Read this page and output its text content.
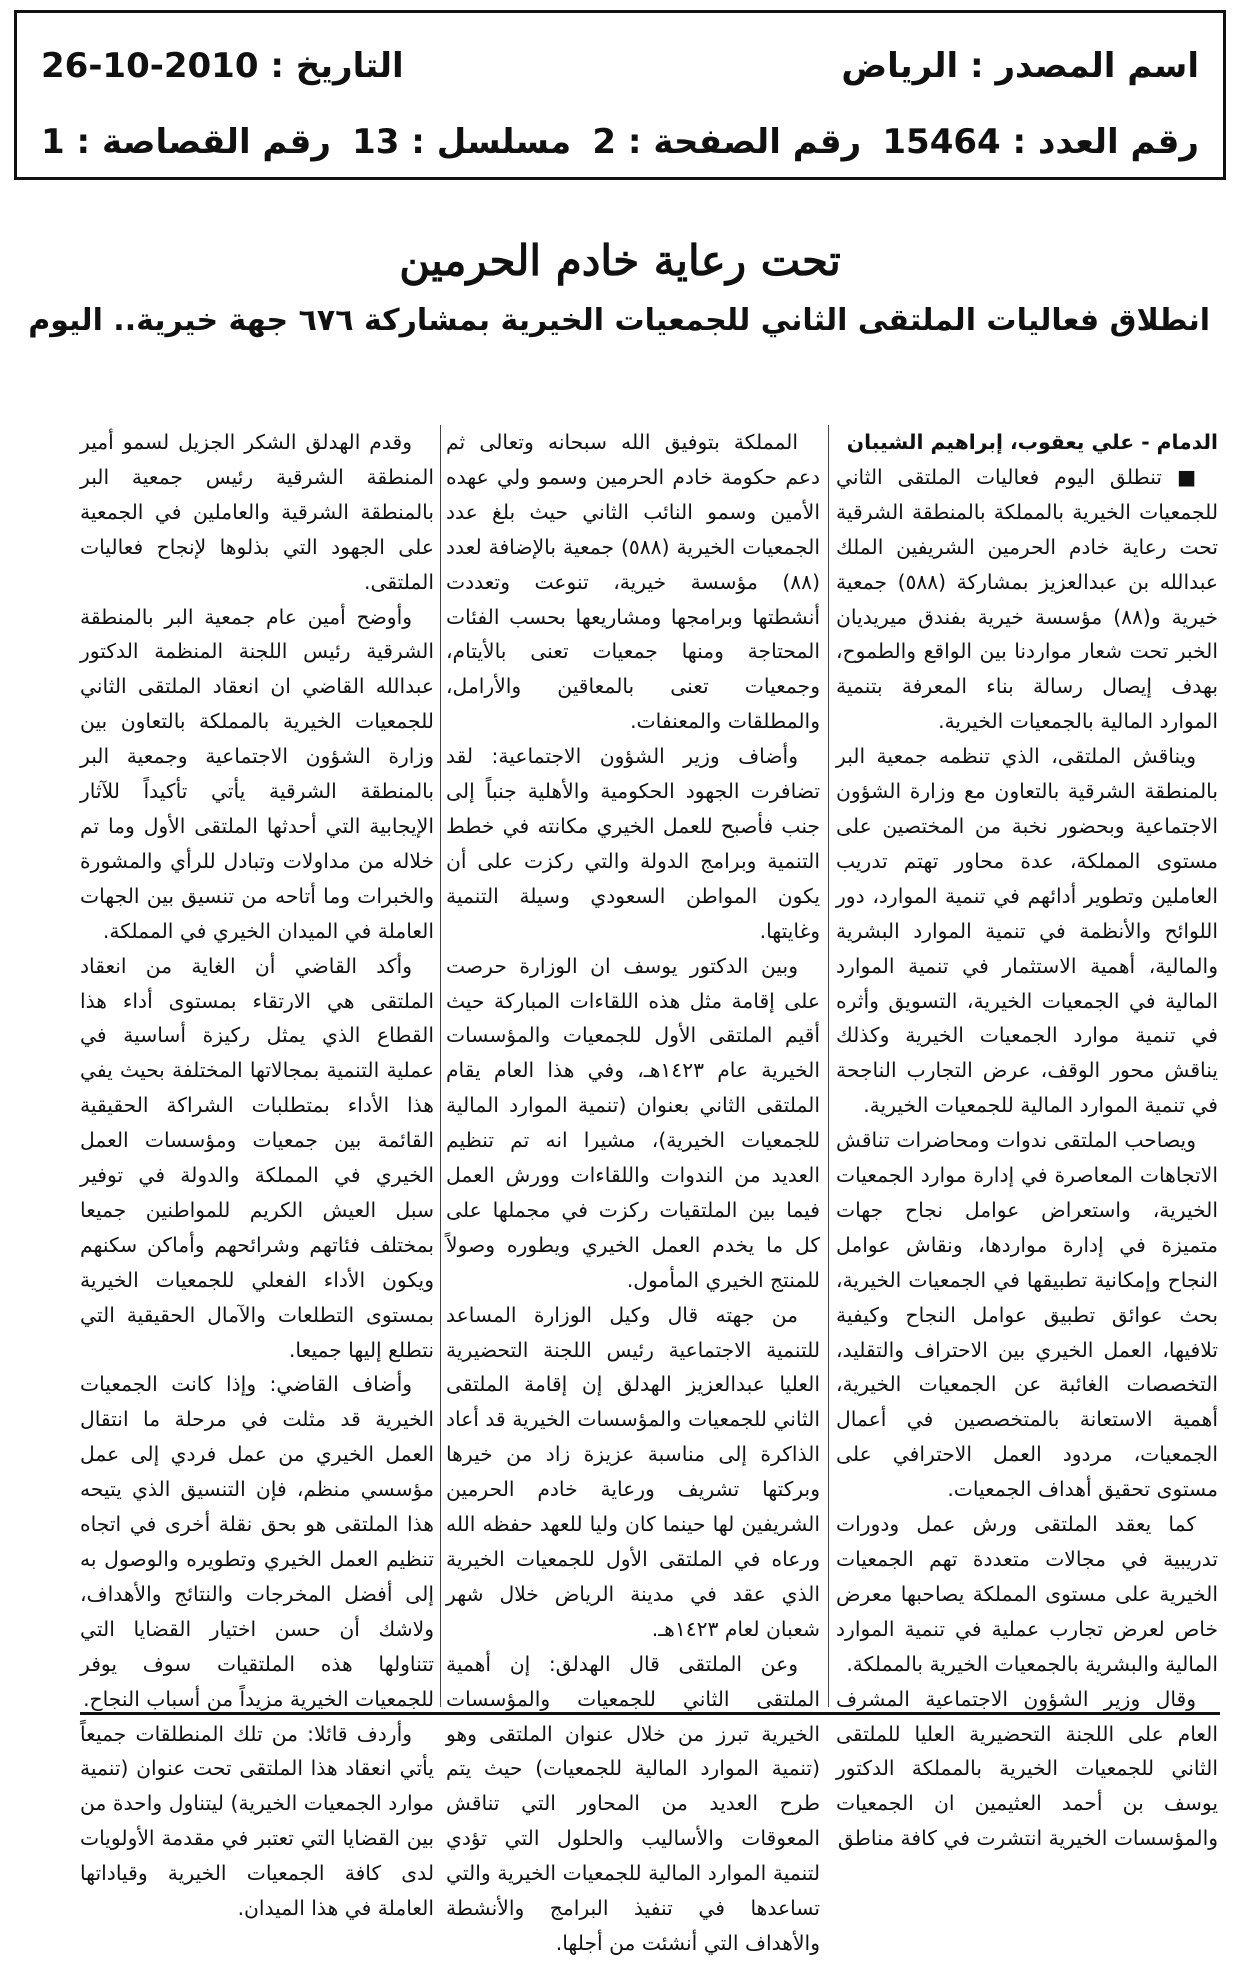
اسم المصدر : الرياض
التاريخ : 26-10-2010
رقم العدد : 15464
رقم الصفحة : 2
مسلسل : 13
رقم القصاصة : 1
تحت رعاية خادم الحرمين
انطلاق فعاليات الملتقى الثاني للجمعيات الخيرية بمشاركة ٦٧٦ جهة خيرية.. اليوم

الدمام - علي يعقوب، إبراهيم الشيبان

■ تنطلق اليوم فعاليات الملتقى الثاني للجمعيات الخيرية بالمملكة بالمنطقة الشرقية تحت رعاية خادم الحرمين الشريفين الملك عبدالله بن عبدالعزيز بمشاركة (٥٨٨) جمعية خيرية و(٨٨) مؤسسة خيرية بفندق ميريديان الخبر تحت شعار مواردنا بين الواقع والطموح، بهدف إيصال رسالة بناء المعرفة بتنمية الموارد المالية بالجمعيات الخيرية.

ويناقش الملتقى، الذي تنظمه جمعية البر بالمنطقة الشرقية بالتعاون مع وزارة الشؤون الاجتماعية وبحضور نخبة من المختصين على مستوى المملكة، عدة محاور تهتم تدريب العاملين وتطوير أدائهم في تنمية الموارد، دور اللوائح والأنظمة في تنمية الموارد البشرية والمالية، أهمية الاستثمار في تنمية الموارد المالية في الجمعيات الخيرية، التسويق وأثره في تنمية موارد الجمعيات الخيرية وكذلك يناقش محور الوقف، عرض التجارب الناجحة في تنمية الموارد المالية للجمعيات الخيرية.

ويصاحب الملتقى ندوات ومحاضرات تناقش الاتجاهات المعاصرة في إدارة موارد الجمعيات الخيرية، واستعراض عوامل نجاح جهات متميزة في إدارة مواردها، ونقاش عوامل النجاح وإمكانية تطبيقها في الجمعيات الخيرية، بحث عوائق تطبيق عوامل النجاح وكيفية تلافيها، العمل الخيري بين الاحتراف والتقليد، التخصصات الغائبة عن الجمعيات الخيرية، أهمية الاستعانة بالمتخصصين في أعمال الجمعيات، مردود العمل الاحترافي على مستوى تحقيق أهداف الجمعيات.

كما يعقد الملتقى ورش عمل ودورات تدريبية في مجالات متعددة تهم الجمعيات الخيرية على مستوى المملكة يصاحبها معرض خاص لعرض تجارب عملية في تنمية الموارد المالية والبشرية بالجمعيات الخيرية بالمملكة.

وقال وزير الشؤون الاجتماعية المشرف العام على اللجنة التحضيرية العليا للملتقى الثاني للجمعيات الخيرية بالمملكة الدكتور يوسف بن أحمد العثيمين ان الجمعيات والمؤسسات الخيرية انتشرت في كافة مناطق

المملكة بتوفيق الله سبحانه وتعالى ثم دعم حكومة خادم الحرمين وسمو ولي عهده الأمين وسمو النائب الثاني حيث بلغ عدد الجمعيات الخيرية (٥٨٨) جمعية بالإضافة لعدد (٨٨) مؤسسة خيرية، تنوعت وتعددت أنشطتها وبرامجها ومشاريعها بحسب الفئات المحتاجة ومنها جمعيات تعنى بالأيتام، وجمعيات تعنى بالمعاقين والأرامل، والمطلقات والمعنفات.

وأضاف وزير الشؤون الاجتماعية: لقد تضافرت الجهود الحكومية والأهلية جنباً إلى جنب فأصبح للعمل الخيري مكانته في خطط التنمية وبرامج الدولة والتي ركزت على أن يكون المواطن السعودي وسيلة التنمية وغايتها.

وبين الدكتور يوسف ان الوزارة حرصت على إقامة مثل هذه اللقاءات المباركة حيث أقيم الملتقى الأول للجمعيات والمؤسسات الخيرية عام ١٤٢٣هـ، وفي هذا العام يقام الملتقى الثاني بعنوان (تنمية الموارد المالية للجمعيات الخيرية)، مشيرا انه تم تنظيم العديد من الندوات واللقاءات وورش العمل فيما بين الملتقيات ركزت في مجملها على كل ما يخدم العمل الخيري ويطوره وصولاً للمنتج الخيري المأمول.

من جهته قال وكيل الوزارة المساعد للتنمية الاجتماعية رئيس اللجنة التحضيرية العليا عبدالعزيز الهدلق إن إقامة الملتقى الثاني للجمعيات والمؤسسات الخيرية قد أعاد الذاكرة إلى مناسبة عزيزة زاد من خيرها وبركتها تشريف ورعاية خادم الحرمين الشريفين لها حينما كان وليا للعهد حفظه الله ورعاه في الملتقى الأول للجمعيات الخيرية الذي عقد في مدينة الرياض خلال شهر شعبان لعام ١٤٢٣هـ.

وعن الملتقى قال الهدلق: إن أهمية الملتقى الثاني للجمعيات والمؤسسات الخيرية تبرز من خلال عنوان الملتقى وهو (تنمية الموارد المالية للجمعيات) حيث يتم طرح العديد من المحاور التي تناقش المعوقات والأساليب والحلول التي تؤدي لتنمية الموارد المالية للجمعيات الخيرية والتي تساعدها في تنفيذ البرامج والأنشطة والأهداف التي أنشئت من أجلها.

وقدم الهدلق الشكر الجزيل لسمو أمير المنطقة الشرقية رئيس جمعية البر بالمنطقة الشرقية والعاملين في الجمعية على الجهود التي بذلوها لإنجاح فعاليات الملتقى.

وأوضح أمين عام جمعية البر بالمنطقة الشرقية رئيس اللجنة المنظمة الدكتور عبدالله القاضي ان انعقاد الملتقى الثاني للجمعيات الخيرية بالمملكة بالتعاون بين وزارة الشؤون الاجتماعية وجمعية البر بالمنطقة الشرقية يأتي تأكيداً للآثار الإيجابية التي أحدثها الملتقى الأول وما تم خلاله من مداولات وتبادل للرأي والمشورة والخبرات وما أتاحه من تنسيق بين الجهات العاملة في الميدان الخيري في المملكة.

وأكد القاضي أن الغاية من انعقاد الملتقى هي الارتقاء بمستوى أداء هذا القطاع الذي يمثل ركيزة أساسية في عملية التنمية بمجالاتها المختلفة بحيث يفي هذا الأداء بمتطلبات الشراكة الحقيقية القائمة بين جمعيات ومؤسسات العمل الخيري في المملكة والدولة في توفير سبل العيش الكريم للمواطنين جميعا بمختلف فئاتهم وشرائحهم وأماكن سكنهم ويكون الأداء الفعلي للجمعيات الخيرية بمستوى التطلعات والآمال الحقيقية التي نتطلع إليها جميعا.

وأضاف القاضي: وإذا كانت الجمعيات الخيرية قد مثلت في مرحلة ما انتقال العمل الخيري من عمل فردي إلى عمل مؤسسي منظم، فإن التنسيق الذي يتيحه هذا الملتقى هو بحق نقلة أخرى في اتجاه تنظيم العمل الخيري وتطويره والوصول به إلى أفضل المخرجات والنتائج والأهداف، ولاشك أن حسن اختيار القضايا التي تتناولها هذه الملتقيات سوف يوفر للجمعيات الخيرية مزيداً من أسباب النجاح.

وأردف قائلا: من تلك المنطلقات جميعاً يأتي انعقاد هذا الملتقى تحت عنوان (تنمية موارد الجمعيات الخيرية) ليتناول واحدة من بين القضايا التي تعتبر في مقدمة الأولويات لدى كافة الجمعيات الخيرية وقياداتها العاملة في هذا الميدان.
